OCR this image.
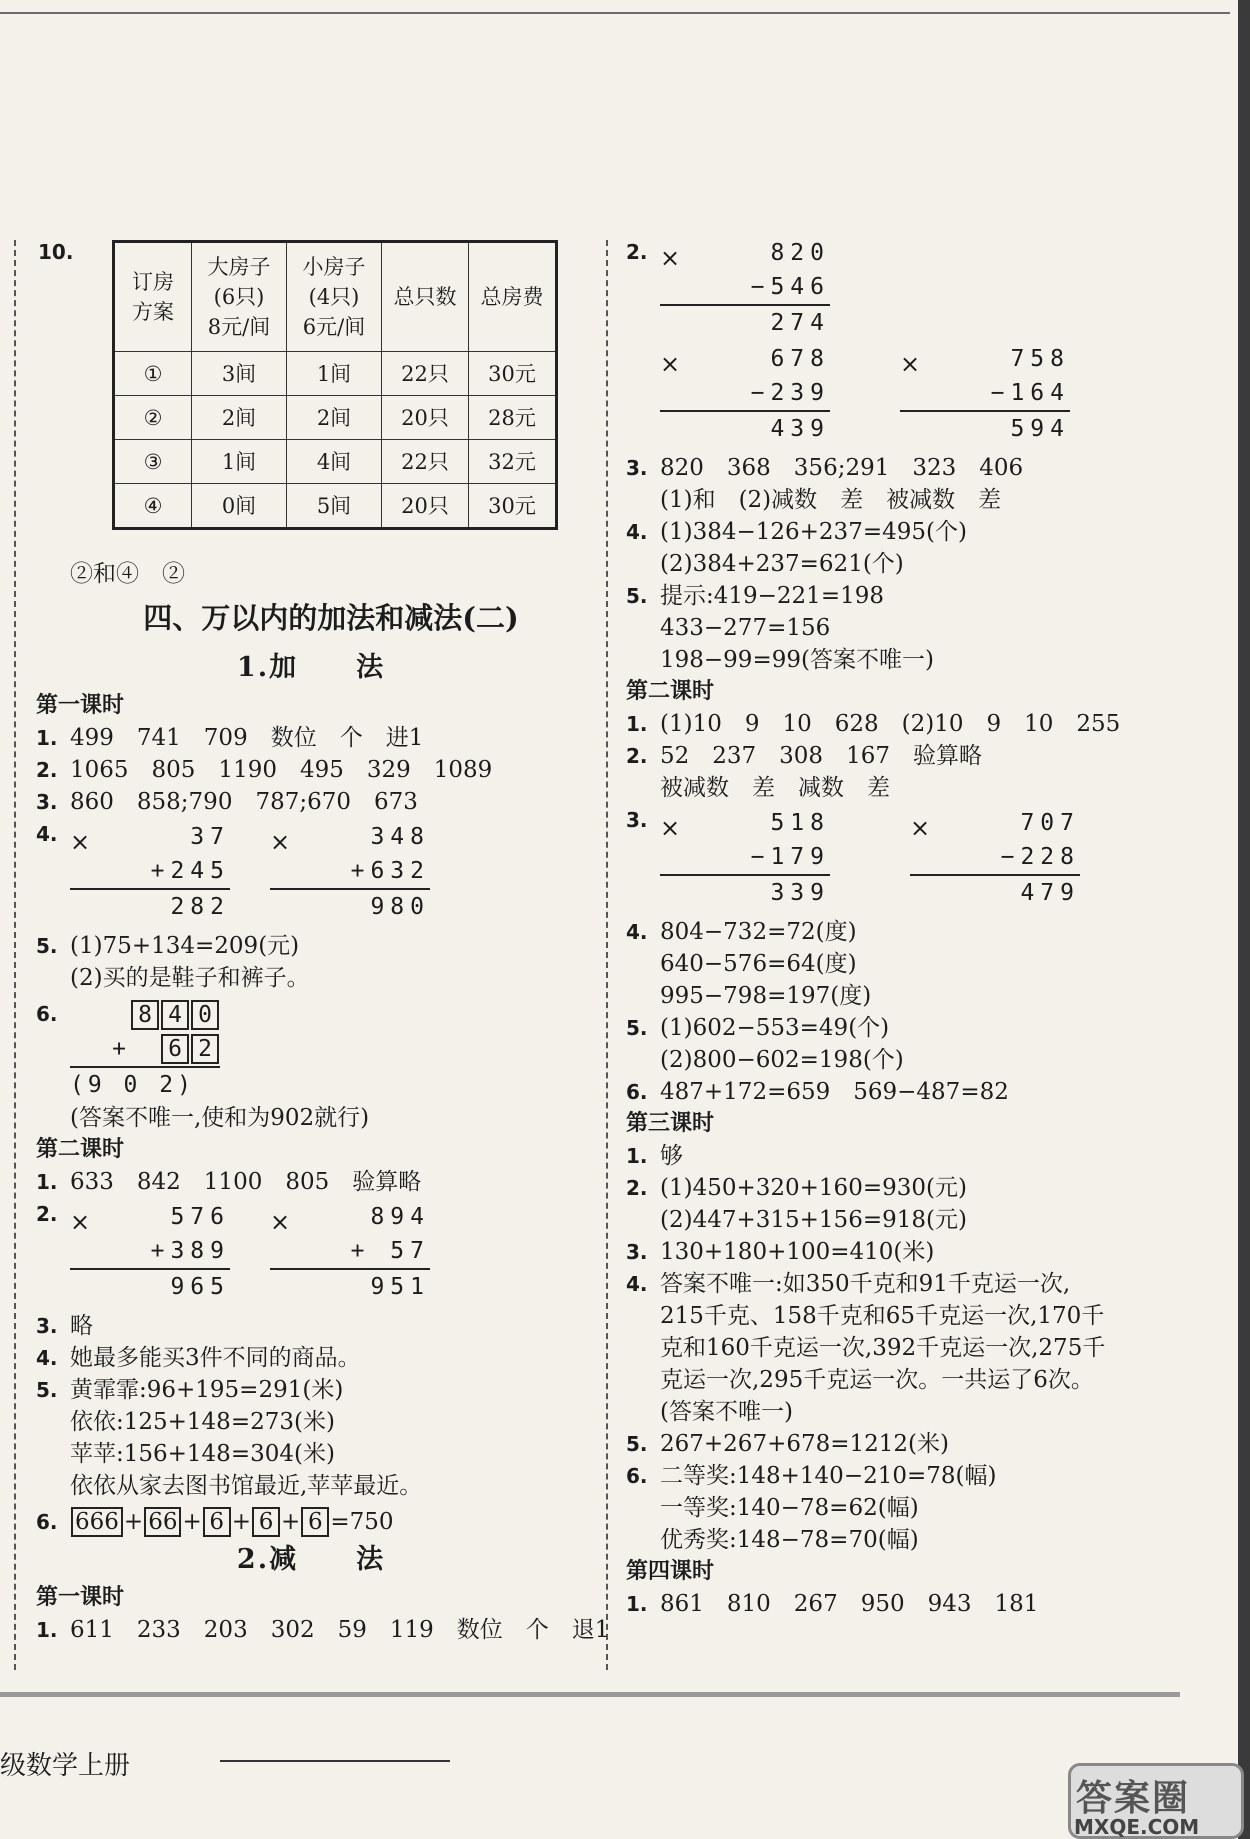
10.
订房
方案	大房子
(6只)
8元/间	小房子
(4只)
6元/间	总只数	总房费
①	3间	1间	22只	30元
②	2间	2间	20只	28元
③	1间	4间	22只	32元
④	0间	5间	20只	30元
②和④　②
四、万以内的加法和减法(二)
1.加　　法
第一课时
1. 499　741　709　数位　个　进1
2. 1065　805　1190　495　329　1089
3. 860　858;790　787;670　673
4. ×	37
+245
282
×	348
+632
980
5. (1)75+134=209(元)
(2)买的是鞋子和裤子。
6.	8 4 0
+ 6 2
(9 0 2)
(答案不唯一,使和为902就行)
第二课时
1. 633　842　1100　805　验算略
2. ×	576
+389
965
×	894
+ 57
951
3. 略
4. 她最多能买3件不同的商品。
5. 黄霏霏:96+195=291(米)
依依:125+148=273(米)
苹苹:156+148=304(米)
依依从家去图书馆最近,苹苹最近。
6. 666 + 66 + 6 + 6 + 6 =750
2.减　　法
第一课时
1. 611　233　203　302　59　119　数位　个　退1
2. ×	820
−546
274
×	678
−239
439
×	758
−164
594
3. 820　368　356;291　323　406
(1)和　(2)减数　差　被减数　差
4. (1)384−126+237=495(个)
(2)384+237=621(个)
5. 提示:419−221=198
433−277=156
198−99=99(答案不唯一)
第二课时
1. (1)10　9　10　628　(2)10　9　10　255
2. 52　237　308　167　验算略
被减数　差　减数　差
3. ×	518
−179
339
×	707
−228
479
4. 804−732=72(度)
640−576=64(度)
995−798=197(度)
5. (1)602−553=49(个)
(2)800−602=198(个)
6. 487+172=659　569−487=82
第三课时
1. 够
2. (1)450+320+160=930(元)
(2)447+315+156=918(元)
3. 130+180+100=410(米)
4. 答案不唯一:如350千克和91千克运一次,
215千克、158千克和65千克运一次,170千
克和160千克运一次,392千克运一次,275千
克运一次,295千克运一次。一共运了6次。
(答案不唯一)
5. 267+267+678=1212(米)
6. 二等奖:148+140−210=78(幅)
一等奖:140−78=62(幅)
优秀奖:148−78=70(幅)
第四课时
1. 861　810　267　950　943　181
级数学上册
答案圈
MXQE.COM
